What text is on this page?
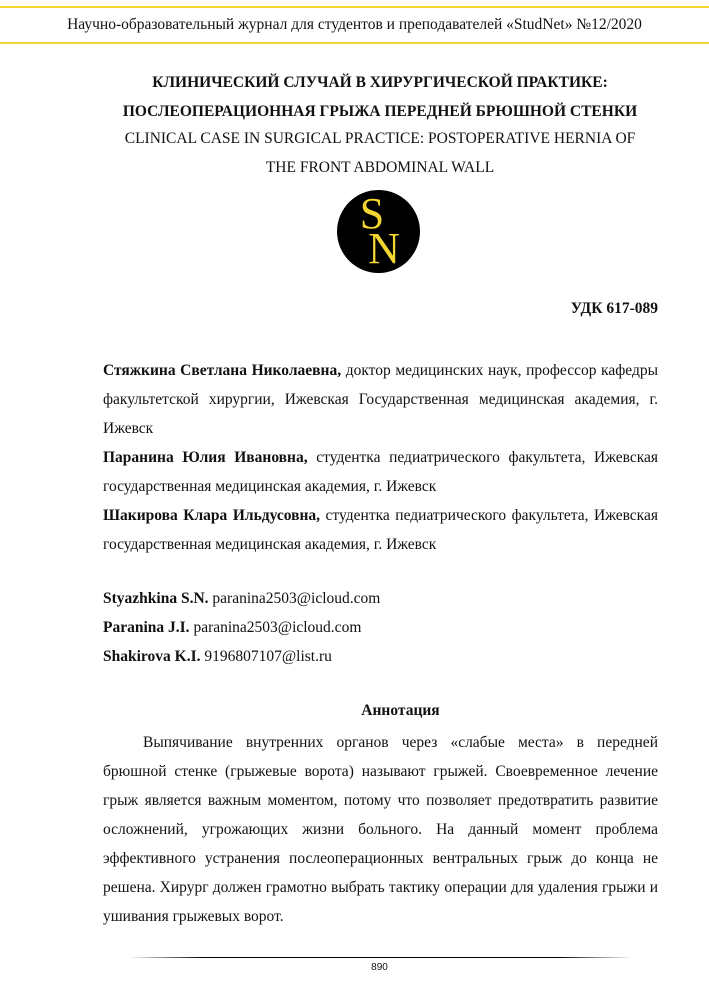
Научно-образовательный журнал для студентов и преподавателей «StudNet» №12/2020
КЛИНИЧЕСКИЙ СЛУЧАЙ В ХИРУРГИЧЕСКОЙ ПРАКТИКЕ:
ПОСЛЕОПЕРАЦИОННАЯ ГРЫЖА ПЕРЕДНЕЙ БРЮШНОЙ СТЕНКИ
CLINICAL CASE IN SURGICAL PRACTICE: POSTOPERATIVE HERNIA OF
THE FRONT ABDOMINAL WALL
S
N
УДК 617-089

Стяжкина Светлана Николаевна, доктор медицинских наук, профессор кафедры факультетской хирургии, Ижевская Государственная медицинская академия, г. Ижевск

Паранина Юлия Ивановна, студентка педиатрического факультета, Ижевская государственная медицинская академия, г. Ижевск

Шакирова Клара Ильдусовна, студентка педиатрического факультета, Ижевская государственная медицинская академия, г. Ижевск

Styazhkina S.N. paranina2503@icloud.com
Paranina J.I. paranina2503@icloud.com
Shakirova K.I. 9196807107@list.ru
Аннотация

Выпячивание внутренних органов через «слабые места» в передней брюшной стенке (грыжевые ворота) называют грыжей. Своевременное лечение грыж является важным моментом, потому что позволяет предотвратить развитие осложнений, угрожающих жизни больного. На данный момент проблема эффективного устранения послеоперационных вентральных грыж до конца не решена. Хирург должен грамотно выбрать тактику операции для удаления грыжи и ушивания грыжевых ворот.

890
